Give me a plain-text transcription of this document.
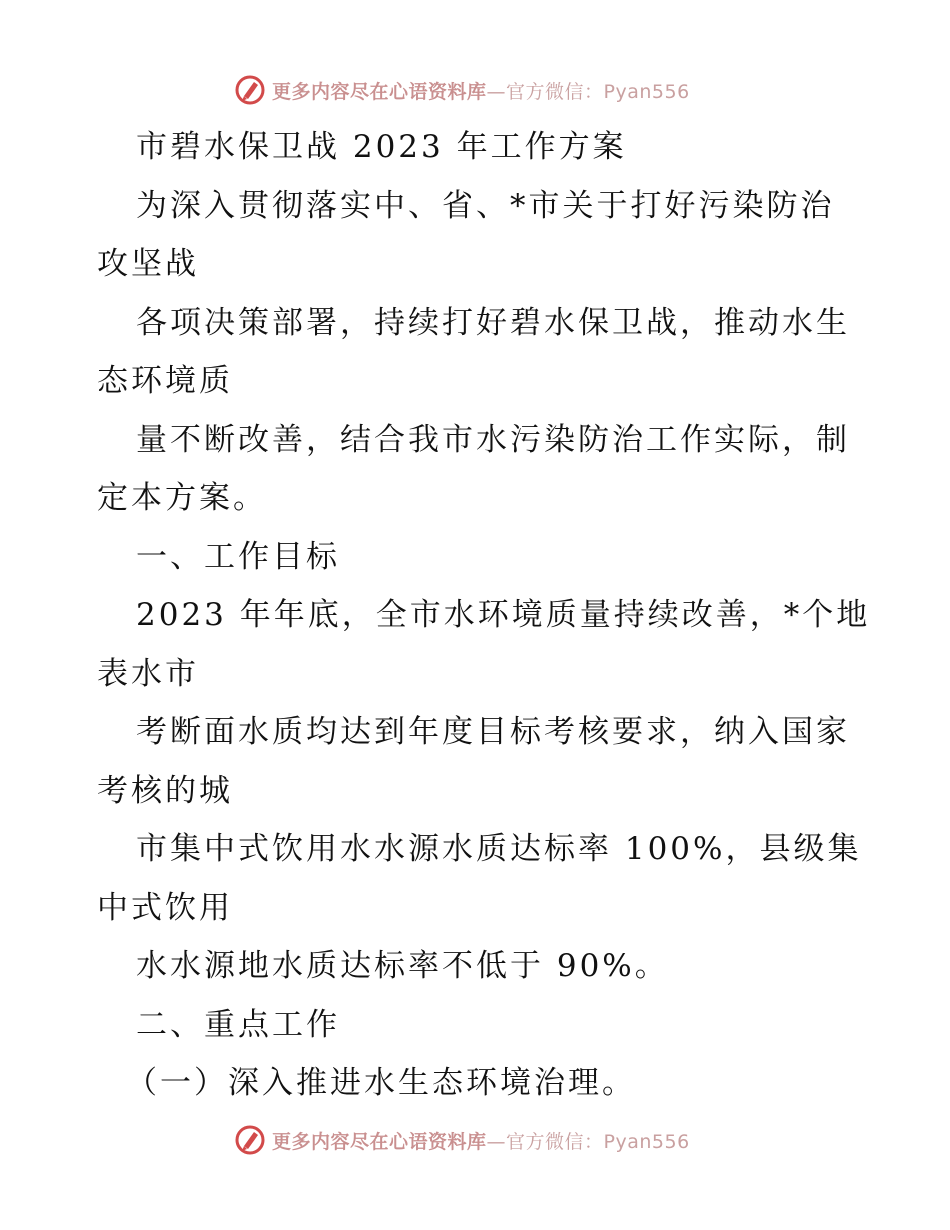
更多内容尽在心语资料库—官方微信：Pyan556

市碧水保卫战 2023 年工作方案

为深入贯彻落实中、省、*市关于打好污染防治

攻坚战

各项决策部署，持续打好碧水保卫战，推动水生

态环境质

量不断改善，结合我市水污染防治工作实际，制

定本方案。

一、工作目标

2023 年年底，全市水环境质量持续改善，*个地

表水市

考断面水质均达到年度目标考核要求，纳入国家

考核的城

市集中式饮用水水源水质达标率 100%，县级集

中式饮用

水水源地水质达标率不低于 90%。

二、重点工作

（一）深入推进水生态环境治理。

更多内容尽在心语资料库—官方微信：Pyan556
